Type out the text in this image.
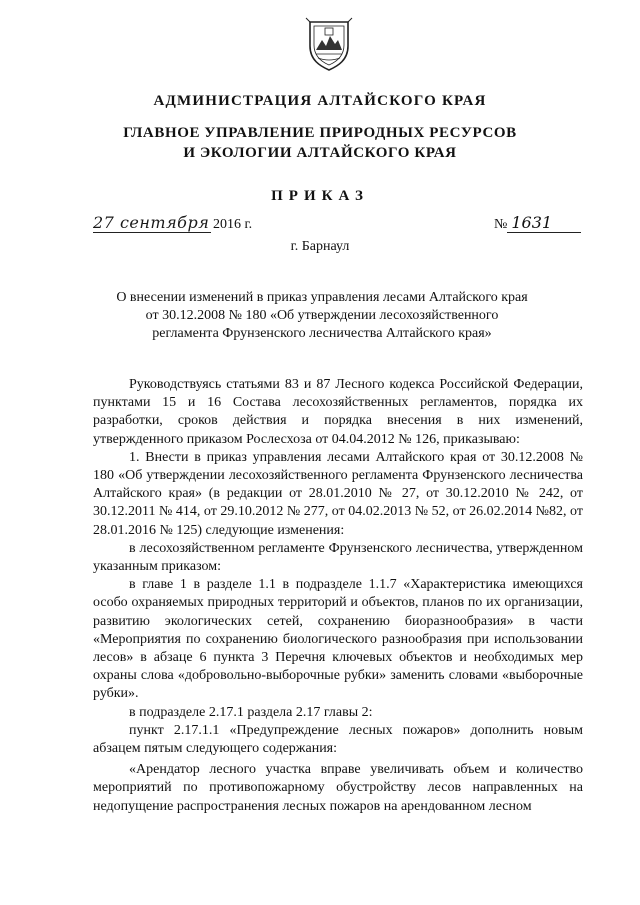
АДМИНИСТРАЦИЯ АЛТАЙСКОГО КРАЯ
ГЛАВНОЕ УПРАВЛЕНИЕ ПРИРОДНЫХ РЕСУРСОВ
И ЭКОЛОГИИ АЛТАЙСКОГО КРАЯ
ПРИКАЗ
27 сентября 2016 г.	№ 1631
г. Барнаул
О внесении изменений в приказ управления лесами Алтайского края
от 30.12.2008 № 180 «Об утверждении лесохозяйственного
регламента Фрунзенского лесничества Алтайского края»

Руководствуясь статьями 83 и 87 Лесного кодекса Российской Федерации, пунктами 15 и 16 Состава лесохозяйственных регламентов, порядка их разработки, сроков действия и порядка внесения в них изменений, утвержденного приказом Рослесхоза от 04.04.2012 № 126, приказываю:

1. Внести в приказ управления лесами Алтайского края от 30.12.2008 № 180 «Об утверждении лесохозяйственного регламента Фрунзенского лесничества Алтайского края» (в редакции от 28.01.2010 № 27, от 30.12.2010 № 242, от 30.12.2011 № 414, от 29.10.2012 № 277, от 04.02.2013 № 52, от 26.02.2014 №82, от 28.01.2016 № 125) следующие изменения:

в лесохозяйственном регламенте Фрунзенского лесничества, утвержденном указанным приказом:

в главе 1 в разделе 1.1 в подразделе 1.1.7 «Характеристика имеющихся особо охраняемых природных территорий и объектов, планов по их организации, развитию экологических сетей, сохранению биоразнообразия» в части «Мероприятия по сохранению биологического разнообразия при использовании лесов» в абзаце 6 пункта 3 Перечня ключевых объектов и необходимых мер охраны слова «добровольно-выборочные рубки» заменить словами «выборочные рубки».

в подразделе 2.17.1 раздела 2.17 главы 2:

пункт 2.17.1.1 «Предупреждение лесных пожаров» дополнить новым абзацем пятым следующего содержания:

«Арендатор лесного участка вправе увеличивать объем и количество мероприятий по противопожарному обустройству лесов направленных на недопущение распространения лесных пожаров на арендованном лесном
